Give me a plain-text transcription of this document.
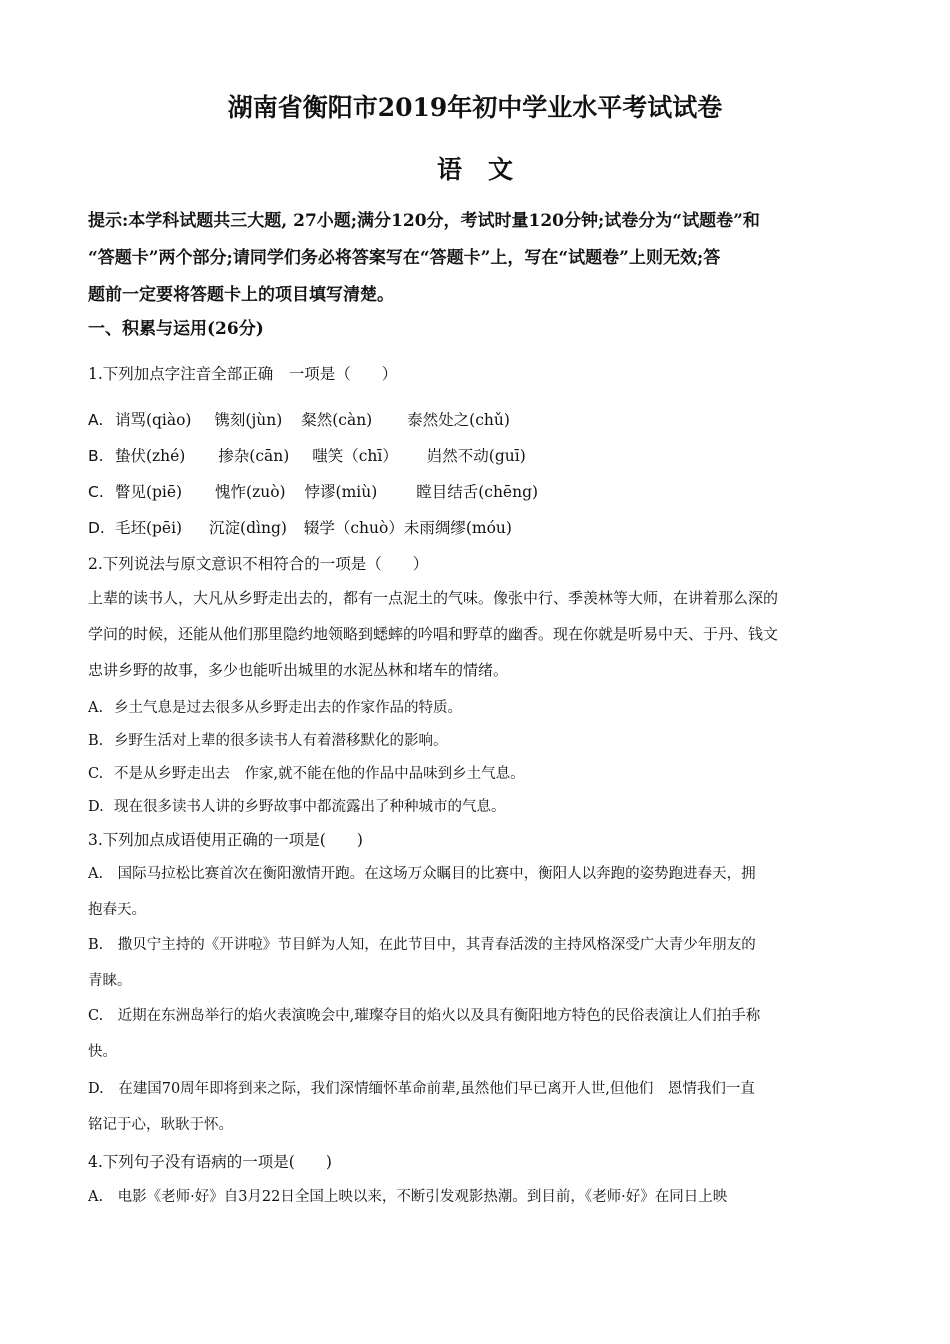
湖南省衡阳市2019年初中学业水平考试试卷
语文
提示:本学科试题共三大题, 27小题;满分120分，考试时量120分钟;试卷分为“试题卷”和
“答题卡”两个部分;请同学们务必将答案写在“答题卡”上，写在“试题卷”上则无效;答
题前一定要将答题卡上的项目填写清楚。
一、积累与运用(26分)
1.下列加点字注音全部正确　一项是（　　）
A. 诮骂(qiào) 镌刻(jùn) 粲然(càn) 泰然处之(chǔ)
B. 蛰伏(zhé) 掺杂(cān) 嗤笑（chī） 岿然不动(guī)
C. 瞥见(piē) 愧怍(zuò) 悖谬(miù)	瞠目结舌(chēng)
D. 毛坯(pēi) 沉淀(dìng) 辍学（chuò）未雨绸缪(móu)
2.下列说法与原文意识不相符合的一项是（　　）
上辈的读书人，大凡从乡野走出去的，都有一点泥土的气味。像张中行、季羡林等大师，在讲着那么深的
学问的时候，还能从他们那里隐约地领略到蟋蟀的吟唱和野草的幽香。现在你就是听易中天、于丹、钱文
忠讲乡野的故事，多少也能听出城里的水泥丛林和堵车的情绪。
A. 乡土气息是过去很多从乡野走出去的作家作品的特质。
B. 乡野生活对上辈的很多读书人有着潜移默化的影响。
C. 不是从乡野走出去　作家,就不能在他的作品中品味到乡土气息。
D. 现在很多读书人讲的乡野故事中都流露出了种种城市的气息。
3.下列加点成语使用正确的一项是(　　)
A.　国际马拉松比赛首次在衡阳激情开跑。在这场万众瞩目的比赛中，衡阳人以奔跑的姿势跑进春天，拥
抱春天。
B.　撒贝宁主持的《开讲啦》节目鲜为人知，在此节目中，其青春活泼的主持风格深受广大青少年朋友的
青睐。
C.　近期在东洲岛举行的焰火表演晚会中,璀璨夺目的焰火以及具有衡阳地方特色的民俗表演让人们拍手称
快。
D.　在建国70周年即将到来之际，我们深情缅怀革命前辈,虽然他们早已离开人世,但他们　恩情我们一直
铭记于心，耿耿于怀。
4.下列句子没有语病的一项是(　　)
A.　电影《老师·好》自3月22日全国上映以来，不断引发观影热潮。到目前，《老师·好》在同日上映
